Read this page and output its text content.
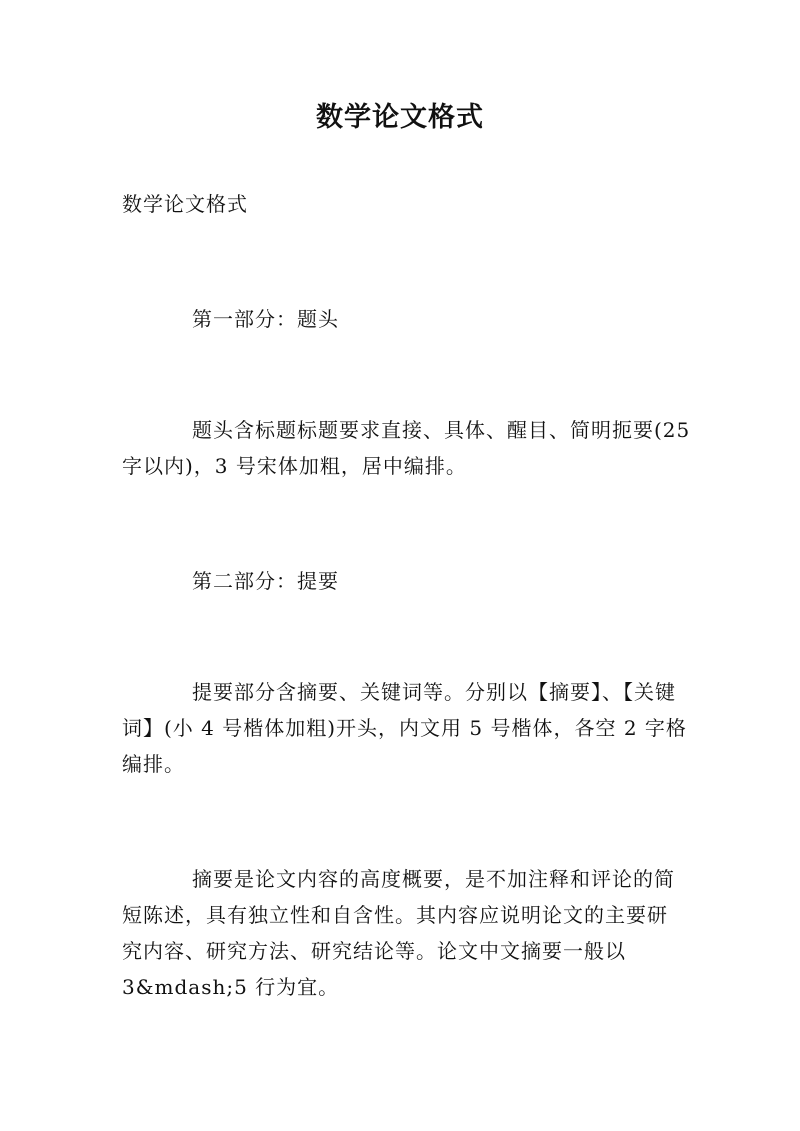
数学论文格式

数学论文格式

第一部分：题头

题头含标题标题要求直接、具体、醒目、简明扼要(25
字以内)，3 号宋体加粗，居中编排。

第二部分：提要

提要部分含摘要、关键词等。分别以【摘要】、【关键
词】(小 4 号楷体加粗)开头，内文用 5 号楷体，各空 2 字格
编排。
摘要是论文内容的高度概要，是不加注释和评论的简
短陈述，具有独立性和自含性。其内容应说明论文的主要研
究内容、研究方法、研究结论等。论文中文摘要一般以
3&mdash;5 行为宜。
